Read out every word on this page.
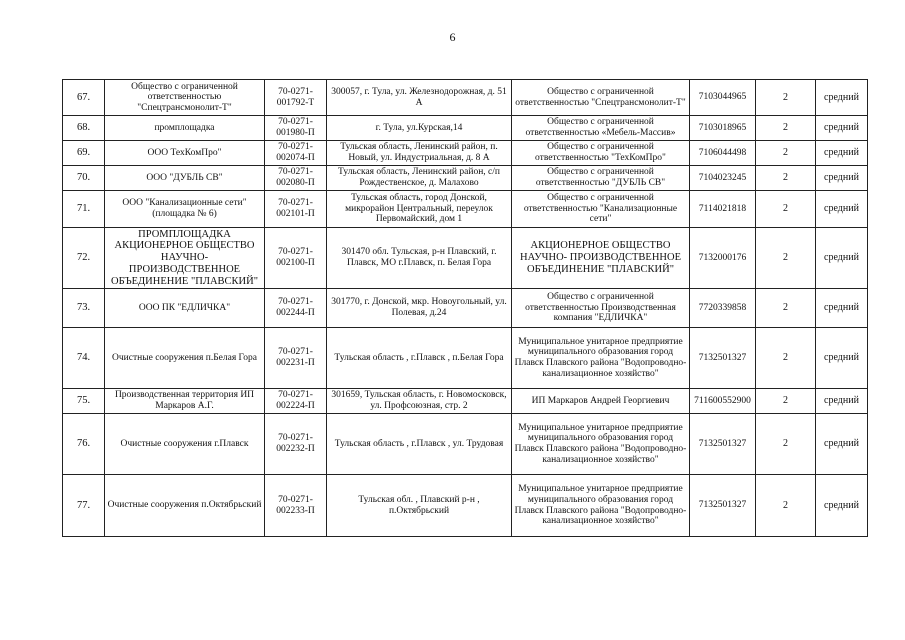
6
67.	Общество с ограниченной ответственностью "Спецтрансмонолит-Т"	70-0271-001792-Т	300057, г. Тула, ул. Железнодорожная, д. 51 А	Общество с ограниченной ответственностью "Спецтрансмонолит-Т"	7103044965	2	средний
68.	промплощадка	70-0271-001980-П	г. Тула, ул.Курская,14	Общество с ограниченной ответственностью «Мебель-Массив»	7103018965	2	средний
69.	ООО ТехКомПро"	70-0271-002074-П	Тульская область, Ленинский район, п. Новый, ул. Индустриальная, д. 8 А	Общество с ограниченной ответственностью "ТехКомПро"	7106044498	2	средний
70.	ООО "ДУБЛЬ СВ"	70-0271-002080-П	Тульская область, Ленинский район, с/п Рождественское, д. Малахово	Общество с ограниченной ответственностью "ДУБЛЬ СВ"	7104023245	2	средний
71.	ООО "Канализационные сети" (площадка № 6)	70-0271-002101-П	Тульская область, город Донской, микрорайон Центральный, переулок Первомайский, дом 1	Общество с ограниченной ответственностью "Канализационные сети"	7114021818	2	средний
72.	ПРОМПЛОЩАДКА АКЦИОНЕРНОЕ ОБЩЕСТВО НАУЧНО-ПРОИЗВОДСТВЕННОЕ ОБЪЕДИНЕНИЕ "ПЛАВСКИЙ"	70-0271-002100-П	301470 обл. Тульская, р-н Плавский, г. Плавск, МО г.Плавск, п. Белая Гора	АКЦИОНЕРНОЕ ОБЩЕСТВО НАУЧНО- ПРОИЗВОДСТВЕННОЕ ОБЪЕДИНЕНИЕ "ПЛАВСКИЙ"	7132000176	2	средний
73.	ООО ПК "ЕДЛИЧКА"	70-0271-002244-П	301770, г. Донской, мкр. Новоугольный, ул. Полевая, д.24	Общество с ограниченной ответственностью Производственная компания "ЕДЛИЧКА"	7720339858	2	средний
74.	Очистные сооружения п.Белая Гора	70-0271-002231-П	Тульская область , г.Плавск , п.Белая Гора	Муниципальное унитарное предприятие муниципального образования город Плавск Плавского района "Водопроводно-канализационное хозяйство"	7132501327	2	средний
75.	Производственная территория ИП Маркаров А.Г.	70-0271-002224-П	301659, Тульская область, г. Новомосковск, ул. Профсоюзная, стр. 2	ИП Маркаров Андрей Георгиевич	711600552900	2	средний
76.	Очистные сооружения г.Плавск	70-0271-002232-П	Тульская область , г.Плавск , ул. Трудовая	Муниципальное унитарное предприятие муниципального образования город Плавск Плавского района "Водопроводно-канализационное хозяйство"	7132501327	2	средний
77.	Очистные сооружения п.Октябрьский	70-0271-002233-П	Тульская обл. , Плавский р-н , п.Октябрьский	Муниципальное унитарное предприятие муниципального образования город Плавск Плавского района "Водопроводно-канализационное хозяйство"	7132501327	2	средний
